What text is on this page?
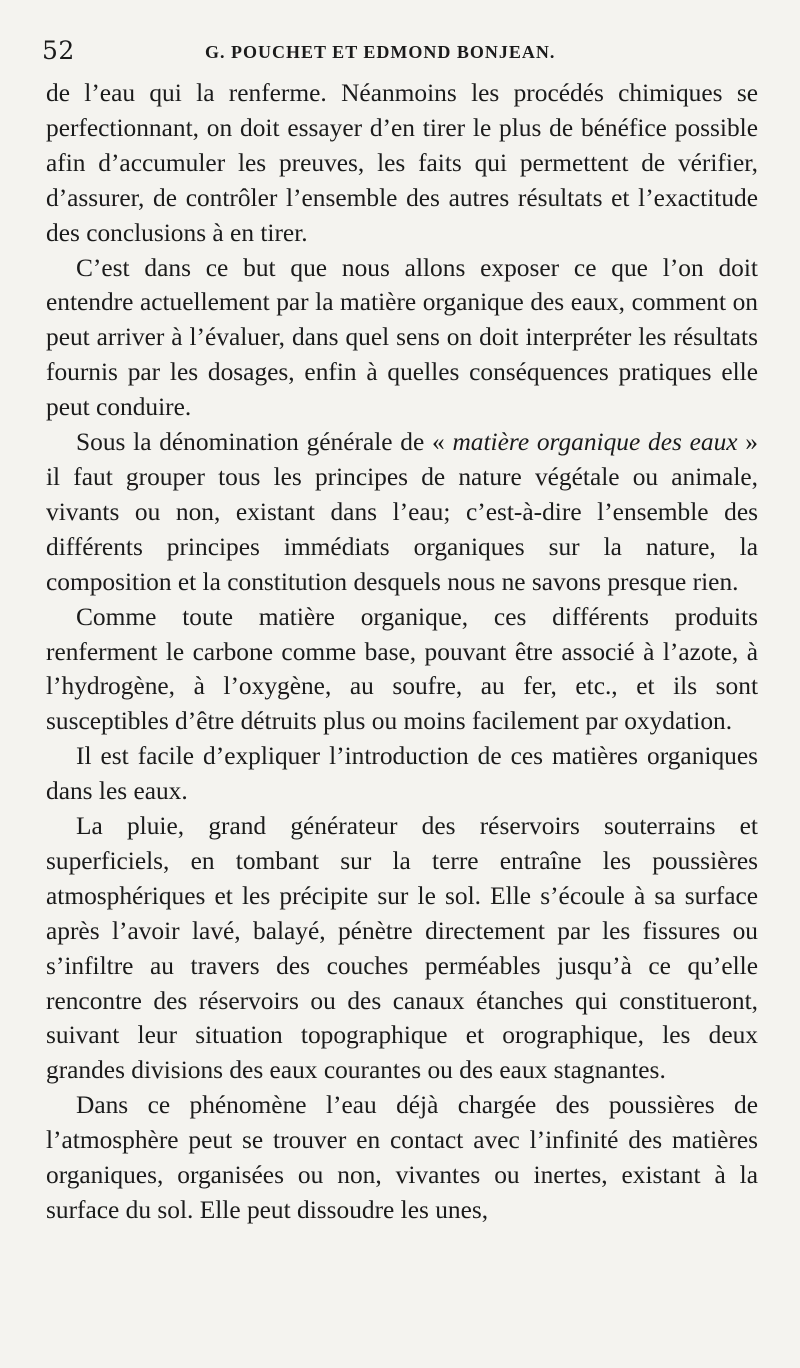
52	G. POUCHET ET EDMOND BONJEAN.

de l’eau qui la renferme. Néanmoins les procédés chimiques se perfectionnant, on doit essayer d’en tirer le plus de bénéfice possible afin d’accumuler les preuves, les faits qui permettent de vérifier, d’assurer, de contrôler l’ensemble des autres résultats et l’exactitude des conclusions à en tirer.

C’est dans ce but que nous allons exposer ce que l’on doit entendre actuellement par la matière organique des eaux, comment on peut arriver à l’évaluer, dans quel sens on doit interpréter les résultats fournis par les dosages, enfin à quelles conséquences pratiques elle peut conduire.

Sous la dénomination générale de « matière organique des eaux » il faut grouper tous les principes de nature végétale ou animale, vivants ou non, existant dans l’eau; c’est-à-dire l’ensemble des différents principes immédiats organiques sur la nature, la composition et la constitution desquels nous ne savons presque rien.

Comme toute matière organique, ces différents produits renferment le carbone comme base, pouvant être associé à l’azote, à l’hydrogène, à l’oxygène, au soufre, au fer, etc., et ils sont susceptibles d’être détruits plus ou moins facilement par oxydation.

Il est facile d’expliquer l’introduction de ces matières organiques dans les eaux.

La pluie, grand générateur des réservoirs souterrains et superficiels, en tombant sur la terre entraîne les poussières atmosphériques et les précipite sur le sol. Elle s’écoule à sa surface après l’avoir lavé, balayé, pénètre directement par les fissures ou s’infiltre au travers des couches perméables jusqu’à ce qu’elle rencontre des réservoirs ou des canaux étanches qui constitueront, suivant leur situation topographique et orographique, les deux grandes divisions des eaux courantes ou des eaux stagnantes.

Dans ce phénomène l’eau déjà chargée des poussières de l’atmosphère peut se trouver en contact avec l’infinité des matières organiques, organisées ou non, vivantes ou inertes, existant à la surface du sol. Elle peut dissoudre les unes,
